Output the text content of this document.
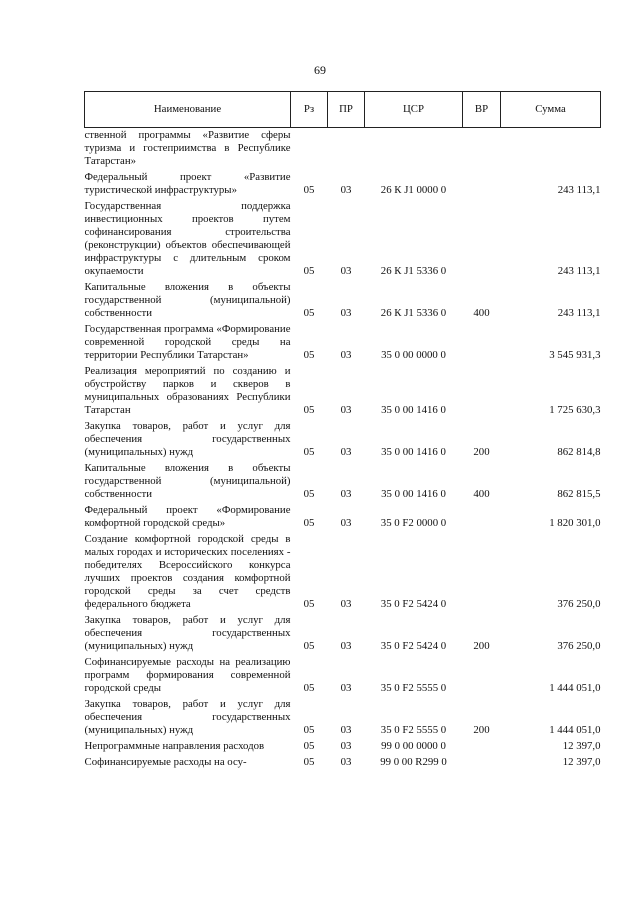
69
Наименование	Рз	ПР	ЦСР	ВР	Сумма
ственной программы «Развитие сферы туризма и гостеприимства в Республике Татарстан»					
Федеральный проект «Развитие туристической инфраструктуры»	05	03	26 К J1 0000 0		243 113,1
Государственная поддержка инвестиционных проектов путем софинансирования строительства (реконструкции) объектов обеспечивающей инфраструктуры с длительным сроком окупаемости	05	03	26 К J1 5336 0		243 113,1
Капитальные вложения в объекты государственной (муниципальной) собственности	05	03	26 К J1 5336 0	400	243 113,1
Государственная программа «Формирование современной городской среды на территории Республики Татарстан»	05	03	35 0 00 0000 0		3 545 931,3
Реализация мероприятий по созданию и обустройству парков и скверов в муниципальных образованиях Республики Татарстан	05	03	35 0 00 1416 0		1 725 630,3
Закупка товаров, работ и услуг для обеспечения государственных (муниципальных) нужд	05	03	35 0 00 1416 0	200	862 814,8
Капитальные вложения в объекты государственной (муниципальной) собственности	05	03	35 0 00 1416 0	400	862 815,5
Федеральный проект «Формирование комфортной городской среды»	05	03	35 0 F2 0000 0		1 820 301,0
Создание комфортной городской среды в малых городах и исторических поселениях - победителях Всероссийского конкурса лучших проектов создания комфортной городской среды за счет средств федерального бюджета	05	03	35 0 F2 5424 0		376 250,0
Закупка товаров, работ и услуг для обеспечения государственных (муниципальных) нужд	05	03	35 0 F2 5424 0	200	376 250,0
Софинансируемые расходы на реализацию программ формирования современной городской среды	05	03	35 0 F2 5555 0		1 444 051,0
Закупка товаров, работ и услуг для обеспечения государственных (муниципальных) нужд	05	03	35 0 F2 5555 0	200	1 444 051,0
Непрограммные направления расходов	05	03	99 0 00 0000 0		12 397,0
Софинансируемые расходы на осу-	05	03	99 0 00 R299 0		12 397,0
